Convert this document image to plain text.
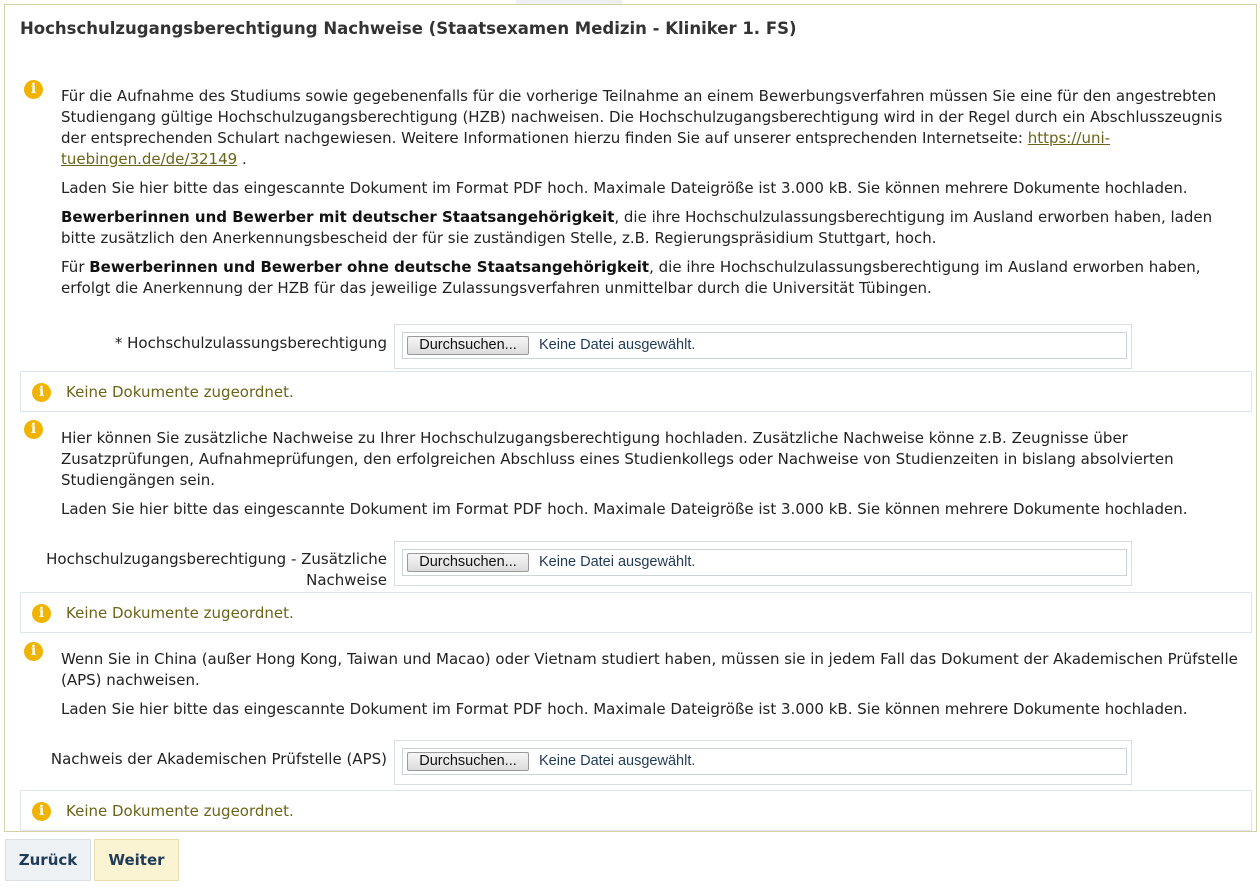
Hochschulzugangsberechtigung Nachweise (Staatsexamen Medizin - Kliniker 1. FS)
i	Für die Aufnahme des Studiums sowie gegebenenfalls für die vorherige Teilnahme an einem Bewerbungsverfahren müssen Sie eine für den angestrebten Studiengang gültige Hochschulzugangsberechtigung (HZB) nachweisen. Die Hochschulzugangsberechtigung wird in der Regel durch ein Abschlusszeugnis der entsprechenden Schulart nachgewiesen. Weitere Informationen hierzu finden Sie auf unserer entsprechenden Internetseite: https://uni-tuebingen.de/de/32149 .

Laden Sie hier bitte das eingescannte Dokument im Format PDF hoch. Maximale Dateigröße ist 3.000 kB. Sie können mehrere Dokumente hochladen.

Bewerberinnen und Bewerber mit deutscher Staatsangehörigkeit, die ihre Hochschulzulassungsberechtigung im Ausland erworben haben, laden bitte zusätzlich den Anerkennungsbescheid der für sie zuständigen Stelle, z.B. Regierungspräsidium Stuttgart, hoch.

Für Bewerberinnen und Bewerber ohne deutsche Staatsangehörigkeit, die ihre Hochschulzulassungsberechtigung im Ausland erworben haben, erfolgt die Anerkennung der HZB für das jeweilige Zulassungsverfahren unmittelbar durch die Universität Tübingen.

* Hochschulzulassungsberechtigung	Durchsuchen...	Keine Datei ausgewählt.
i	Keine Dokumente zugeordnet.
i	Hier können Sie zusätzliche Nachweise zu Ihrer Hochschulzugangsberechtigung hochladen. Zusätzliche Nachweise könne z.B. Zeugnisse über Zusatzprüfungen, Aufnahmeprüfungen, den erfolgreichen Abschluss eines Studienkollegs oder Nachweise von Studienzeiten in bislang absolvierten Studiengängen sein.

Laden Sie hier bitte das eingescannte Dokument im Format PDF hoch. Maximale Dateigröße ist 3.000 kB. Sie können mehrere Dokumente hochladen.

Hochschulzugangsberechtigung - Zusätzliche
Nachweise
Durchsuchen...	Keine Datei ausgewählt.
i	Keine Dokumente zugeordnet.
i	Wenn Sie in China (außer Hong Kong, Taiwan und Macao) oder Vietnam studiert haben, müssen sie in jedem Fall das Dokument der Akademischen Prüfstelle (APS) nachweisen.

Laden Sie hier bitte das eingescannte Dokument im Format PDF hoch. Maximale Dateigröße ist 3.000 kB. Sie können mehrere Dokumente hochladen.

Nachweis der Akademischen Prüfstelle (APS)	Durchsuchen...	Keine Datei ausgewählt.
i	Keine Dokumente zugeordnet.
Zurück	Weiter
